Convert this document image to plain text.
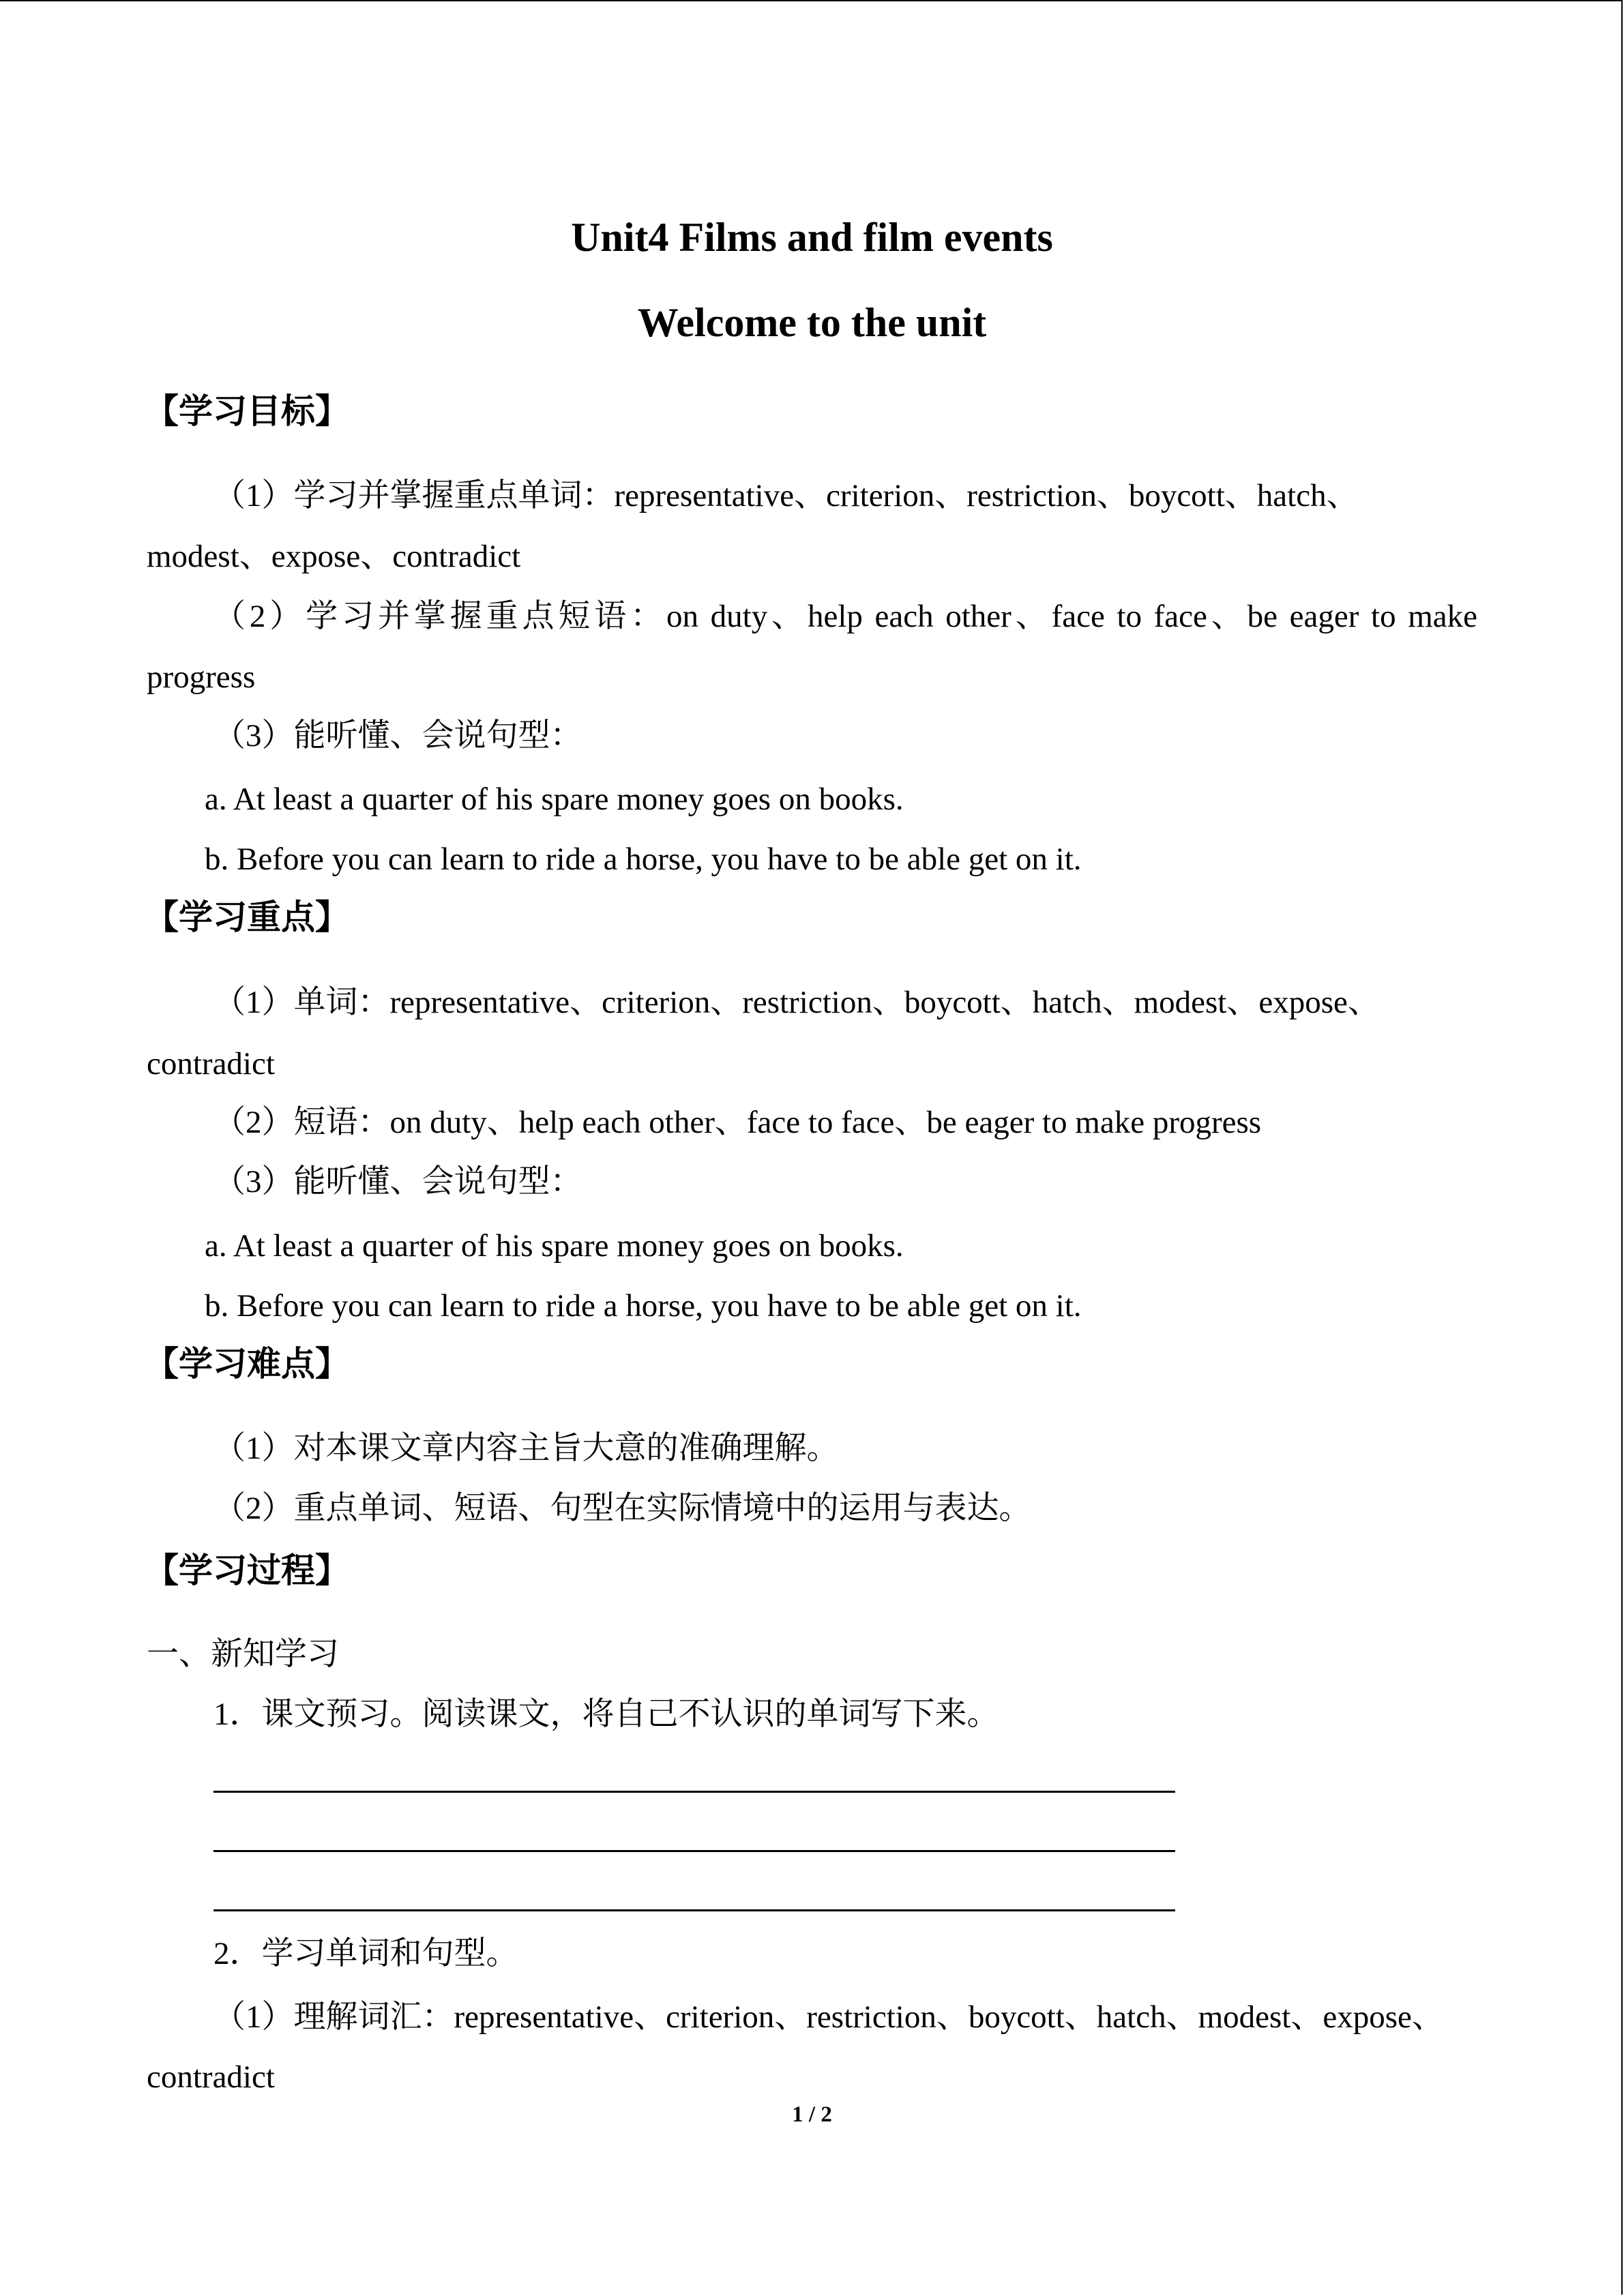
Unit4 Films and film events
Welcome to the unit
【学习目标】
（1）学习并掌握重点单词：representative、criterion、restriction、boycott、hatch、
modest、expose、contradict
（2）学习并掌握重点短语：on duty、help each other、face to face、be eager to make
progress
（3）能听懂、会说句型：
a. At least a quarter of his spare money goes on books.
b. Before you can learn to ride a horse, you have to be able get on it.
【学习重点】
（1）单词：representative、criterion、restriction、boycott、hatch、modest、expose、
contradict
（2）短语：on duty、help each other、face to face、be eager to make progress
（3）能听懂、会说句型：
a. At least a quarter of his spare money goes on books.
b. Before you can learn to ride a horse, you have to be able get on it.
【学习难点】
（1）对本课文章内容主旨大意的准确理解。
（2）重点单词、短语、句型在实际情境中的运用与表达。
【学习过程】
一、新知学习
1．课文预习。阅读课文，将自己不认识的单词写下来。
2．学习单词和句型。
（1）理解词汇：representative、criterion、restriction、boycott、hatch、modest、expose、
contradict
1 / 2
